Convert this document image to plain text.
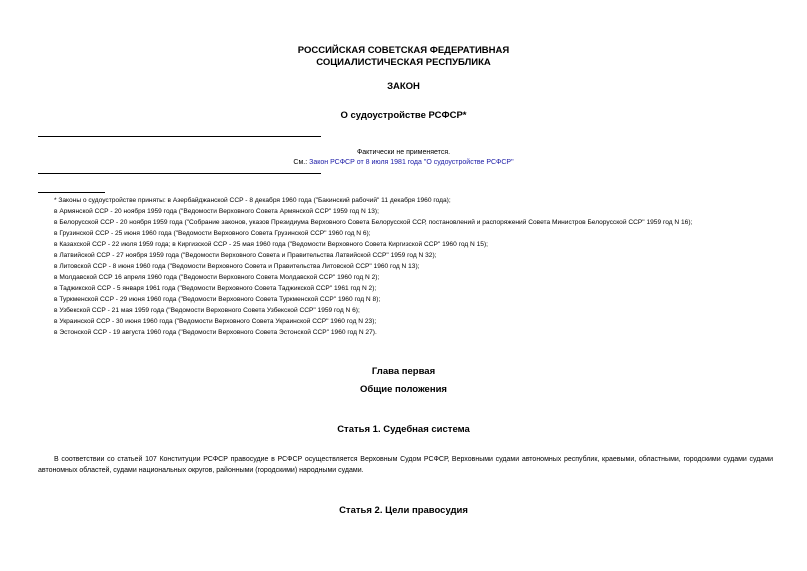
РОССИЙСКАЯ СОВЕТСКАЯ ФЕДЕРАТИВНАЯ
СОЦИАЛИСТИЧЕСКАЯ РЕСПУБЛИКА
ЗАКОН
О судоустройстве РСФСР*
Фактически не применяется.
См.: Закон РСФСР от 8 июля 1981 года "О судоустройстве РСФСР"
* Законы о судоустройстве приняты: в Азербайджанской ССР - 8 декабря 1960 года ("Бакинский рабочий" 11 декабря 1960 года);
в Армянской ССР - 20 ноября 1959 года ("Ведомости Верховного Совета Армянской ССР" 1959 год N 13);
в Белорусской ССР - 20 ноября 1959 года ("Собрание законов, указов Президиума Верховного Совета Белорусской ССР, постановлений и распоряжений Совета Министров Белорусской ССР" 1959 год N 16);
в Грузинской ССР - 25 июня 1960 года ("Ведомости Верховного Совета Грузинской ССР" 1960 год N 6);
в Казахской ССР - 22 июля 1959 года; в Киргизской ССР - 25 мая 1960 года ("Ведомости Верховного Совета Киргизской ССР" 1960 год N 15);
в Латвийской ССР - 27 ноября 1959 года ("Ведомости Верховного Совета и Правительства Латвийской ССР" 1959 год N 32);
в Литовской ССР - 8 июня 1960 года ("Ведомости Верховного Совета и Правительства Литовской ССР" 1960 год N 13);
в Молдавской ССР 16 апреля 1960 года ("Ведомости Верховного Совета Молдавской ССР" 1960 год N 2);
в Таджикской ССР - 5 января 1961 года ("Ведомости Верховного Совета Таджикской ССР" 1961 год N 2);
в Туркменской ССР - 29 июня 1960 года ("Ведомости Верховного Совета Туркменской ССР" 1960 год N 8);
в Узбекской ССР - 21 мая 1959 года ("Ведомости Верховного Совета Узбекской ССР" 1959 год N 6);
в Украинской ССР - 30 июня 1960 года ("Ведомости Верховного Совета Украинской ССР" 1960 год N 23);
в Эстонской ССР - 19 августа 1960 года ("Ведомости Верховного Совета Эстонской ССР" 1960 год N 27).
Глава первая
Общие положения
Статья 1. Судебная система
В соответствии со статьей 107 Конституции РСФСР правосудие в РСФСР осуществляется Верховным Судом РСФСР, Верховными судами автономных республик, краевыми, областными, городскими судами судами автономных областей, судами национальных округов, районными (городскими) народными судами.
Статья 2. Цели правосудия
